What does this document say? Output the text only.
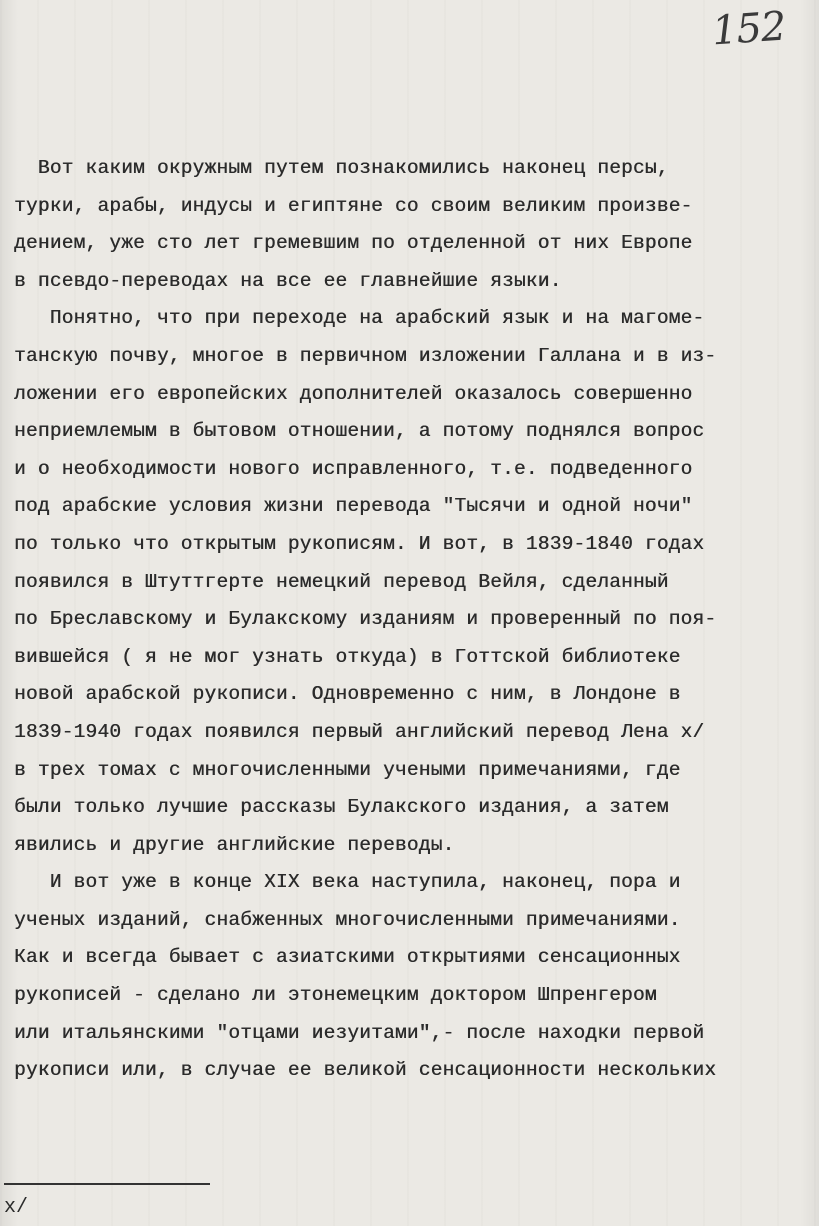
152
Вот каким окружным путем познакомились наконец персы,
турки, арабы, индусы и египтяне со своим великим произве-
дением, уже сто лет гремевшим по отделенной от них Европе
в псевдо-переводах на все ее главнейшие языки.
Понятно, что при переходе на арабский язык и на магоме-
танскую почву, многое в первичном изложении Галлана и в из-
ложении его европейских дополнителей оказалось совершенно
неприемлемым в бытовом отношении, а потому поднялся вопрос
и о необходимости нового исправленного, т.е. подведенного
под арабские условия жизни перевода "Тысячи и одной ночи"
по только что открытым рукописям. И вот, в 1839-1840 годах
появился в Штуттгерте немецкий перевод Вейля, сделанный
по Бреславскому и Булакскому изданиям и проверенный по поя-
вившейся ( я не мог узнать откуда) в Готтской библиотеке
новой арабской рукописи. Одновременно с ним, в Лондоне в
1839-1940 годах появился первый английский перевод Лена x/
в трех томах с многочисленными учеными примечаниями, где
были только лучшие рассказы Булакского издания, а затем
явились и другие английские переводы.
И вот уже в конце XIX века наступила, наконец, пора и
ученых изданий, снабженных многочисленными примечаниями.
Как и всегда бывает с азиатскими открытиями сенсационных
рукописей - сделано ли этонемецким доктором Шпренгером
или итальянскими "отцами иезуитами",- после находки первой
рукописи или, в случае ее великой сенсационности нескольких
x/
